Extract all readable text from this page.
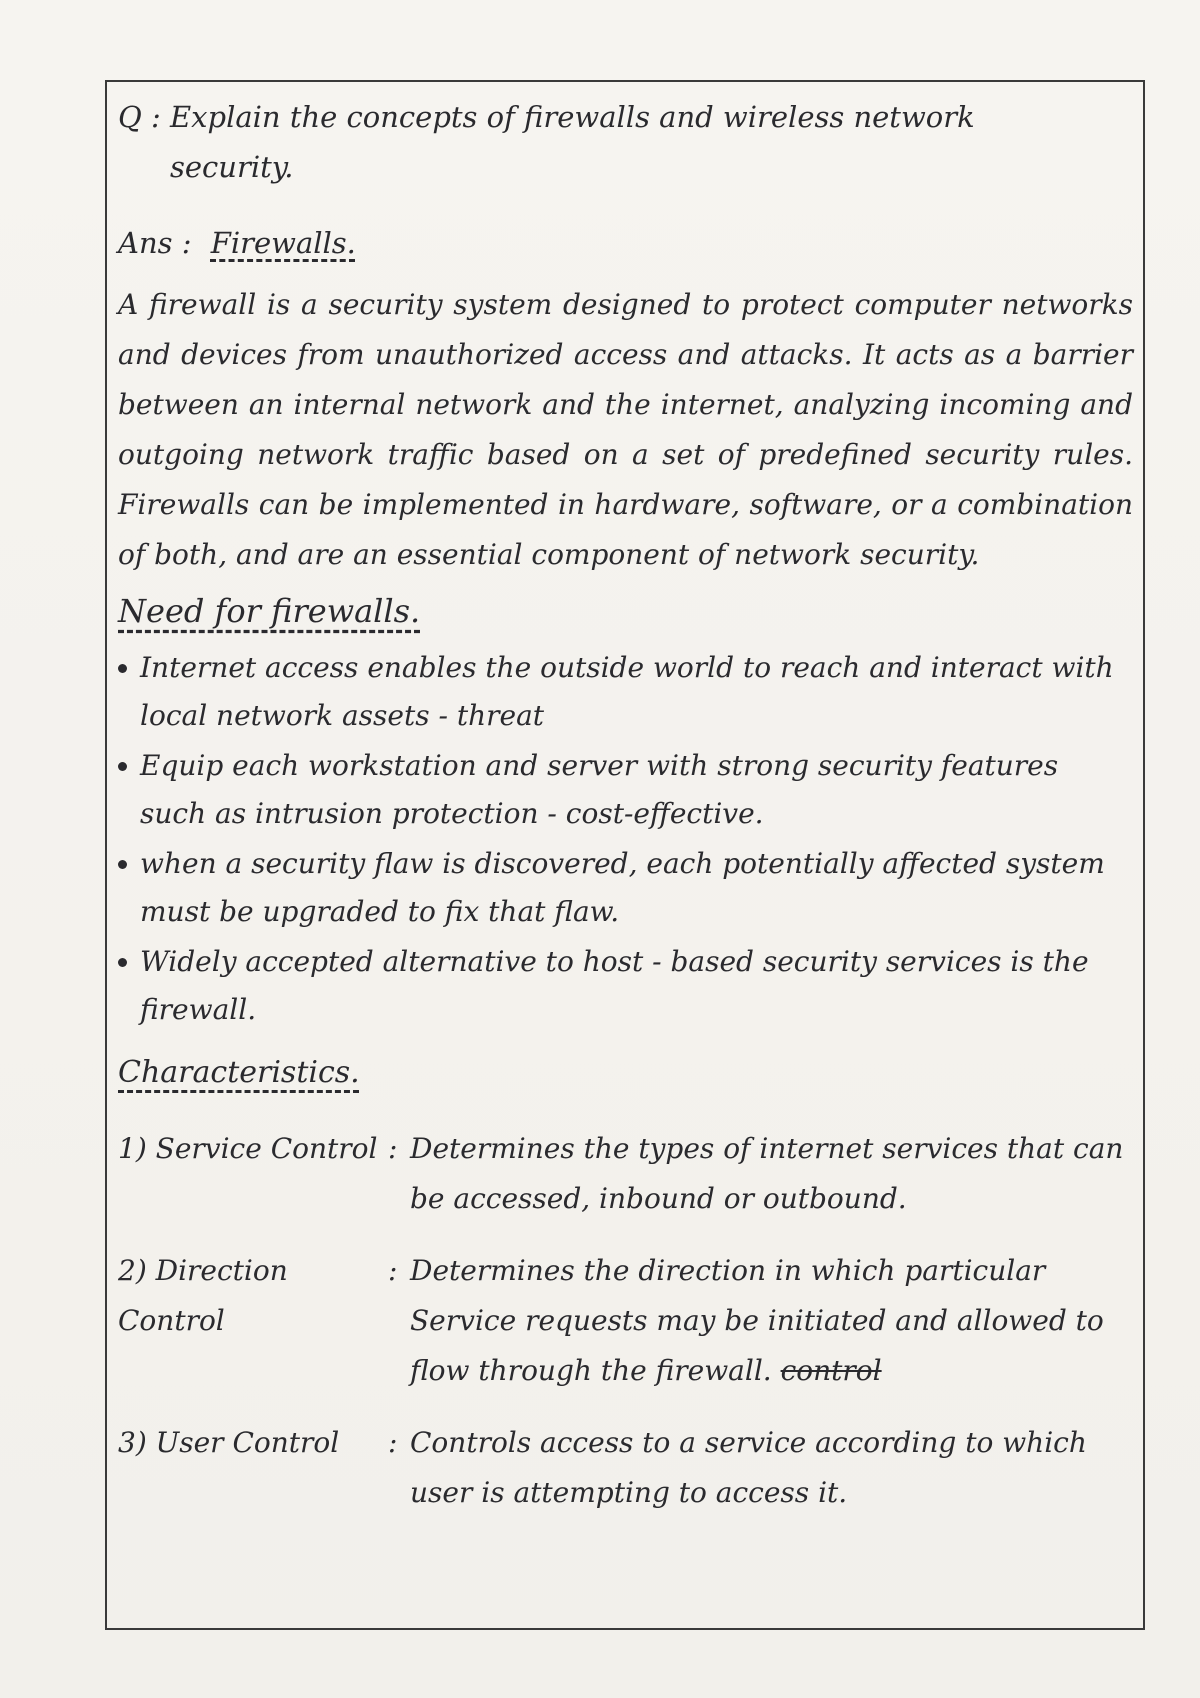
Q : Explain the concepts of firewalls and wireless network

security.

Ans : Firewalls.

A firewall is a security system designed to protect computer networks and devices from unauthorized access and attacks. It acts as a barrier between an internal network and the internet, analyzing incoming and outgoing network traffic based on a set of predefined security rules. Firewalls can be implemented in hardware, software, or a combination of both, and are an essential component of network security.

Need for firewalls.
Internet access enables the outside world to reach and interact with local network assets - threat
Equip each workstation and server with strong security features such as intrusion protection - cost-effective.
when a security flaw is discovered, each potentially affected system must be upgraded to fix that flaw.
Widely accepted alternative to host - based security services is the firewall.
Characteristics.
1) Service Control : Determines the types of internet services that can be accessed, inbound or outbound.
2) Direction Control
: Determines the direction in which particular Service requests may be initiated and allowed to flow through the firewall. control
3) User Control	: Controls access to a service according to which user is attempting to access it.
